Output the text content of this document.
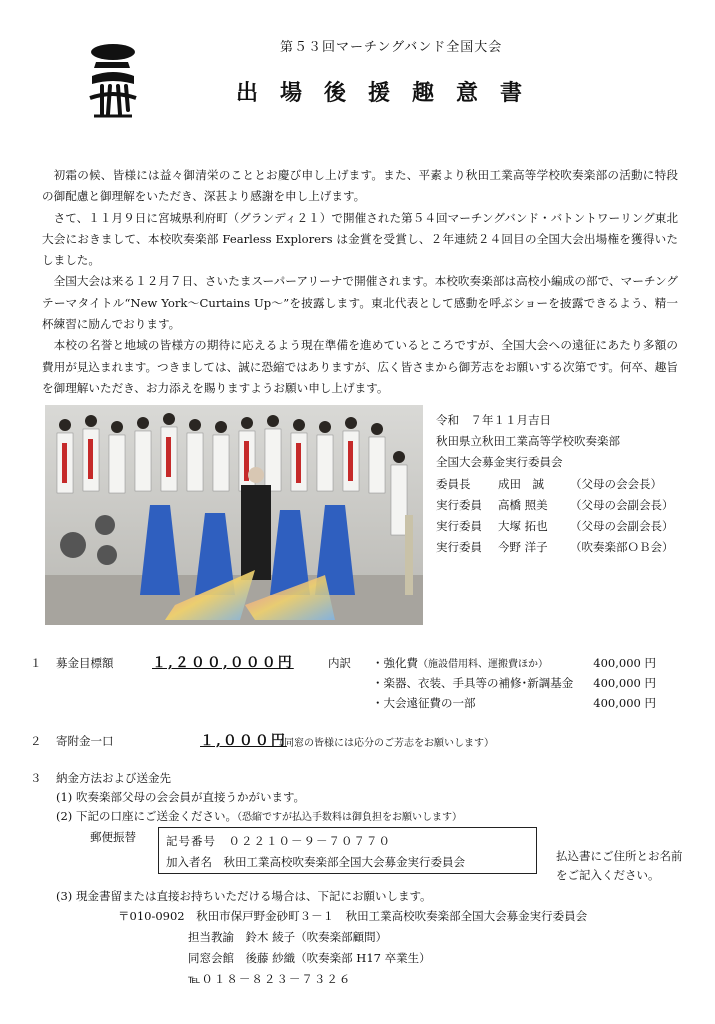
第５３回マーチングバンド全国大会
出場後援趣意書

初霜の候、皆様には益々御清栄のこととお慶び申し上げます。また、平素より秋田工業高等学校吹奏楽部の活動に特段の御配慮と御理解をいただき、深甚より感謝を申し上げます。

さて、１１月９日に宮城県利府町（グランディ２１）で開催された第５４回マーチングバンド・バトントワーリング東北大会におきまして、本校吹奏楽部 Fearless Explorers は金賞を受賞し、２年連続２４回目の全国大会出場権を獲得いたしました。

全国大会は来る１２月７日、さいたまスーパーアリーナで開催されます。本校吹奏楽部は高校小編成の部で、マーチングテーマタイトル“New York～Curtains Up～”を披露します。東北代表として感動を呼ぶショーを披露できるよう、精一杯練習に励んでおります。

本校の名誉と地域の皆様方の期待に応えるよう現在準備を進めているところですが、全国大会への遠征にあたり多額の費用が見込まれます。つきましては、誠に恐縮ではありますが、広く皆さまから御芳志をお願いする次第です。何卒、趣旨を御理解いただき、お力添えを賜りますようお願い申し上げます。

令和　７年１１月吉日
秋田県立秋田工業高等学校吹奏楽部
全国大会募金実行委員会
委員長 成田　誠 （父母の会会長）
実行委員 高橋 照美 （父母の会副会長）
実行委員 大塚 拓也 （父母の会副会長）
実行委員 今野 洋子 （吹奏楽部ＯＢ会）
１ 募金目標額	１,２００,０００円	内訳 ・強化費（施設借用料、運搬費ほか）	400,000 円
・楽器、衣装、手具等の補修･新調基金	400,000 円
・大会遠征費の一部	400,000 円
２ 寄附金一口	１,０００円
（同窓の皆様には応分のご芳志をお願いします）
３ 納金方法および送金先
(1) 吹奏楽部父母の会会員が直接うかがいます。
(2) 下記の口座にご送金ください。（恐縮ですが払込手数料は御負担をお願いします）
郵便振替	記号番号　０２２１０－９－７０７７０
加入者名　秋田工業高校吹奏楽部全国大会募金実行委員会	払込書にご住所とお名前
をご記入ください。
(3) 現金書留または直接お持ちいただける場合は、下記にお願いします。
〒010-0902　秋田市保戸野金砂町３－１　秋田工業高校吹奏楽部全国大会募金実行委員会
担当教諭　鈴木 綾子（吹奏楽部顧問）
同窓会館　後藤 紗織（吹奏楽部 H17 卒業生）
℡０１８－８２３－７３２６
